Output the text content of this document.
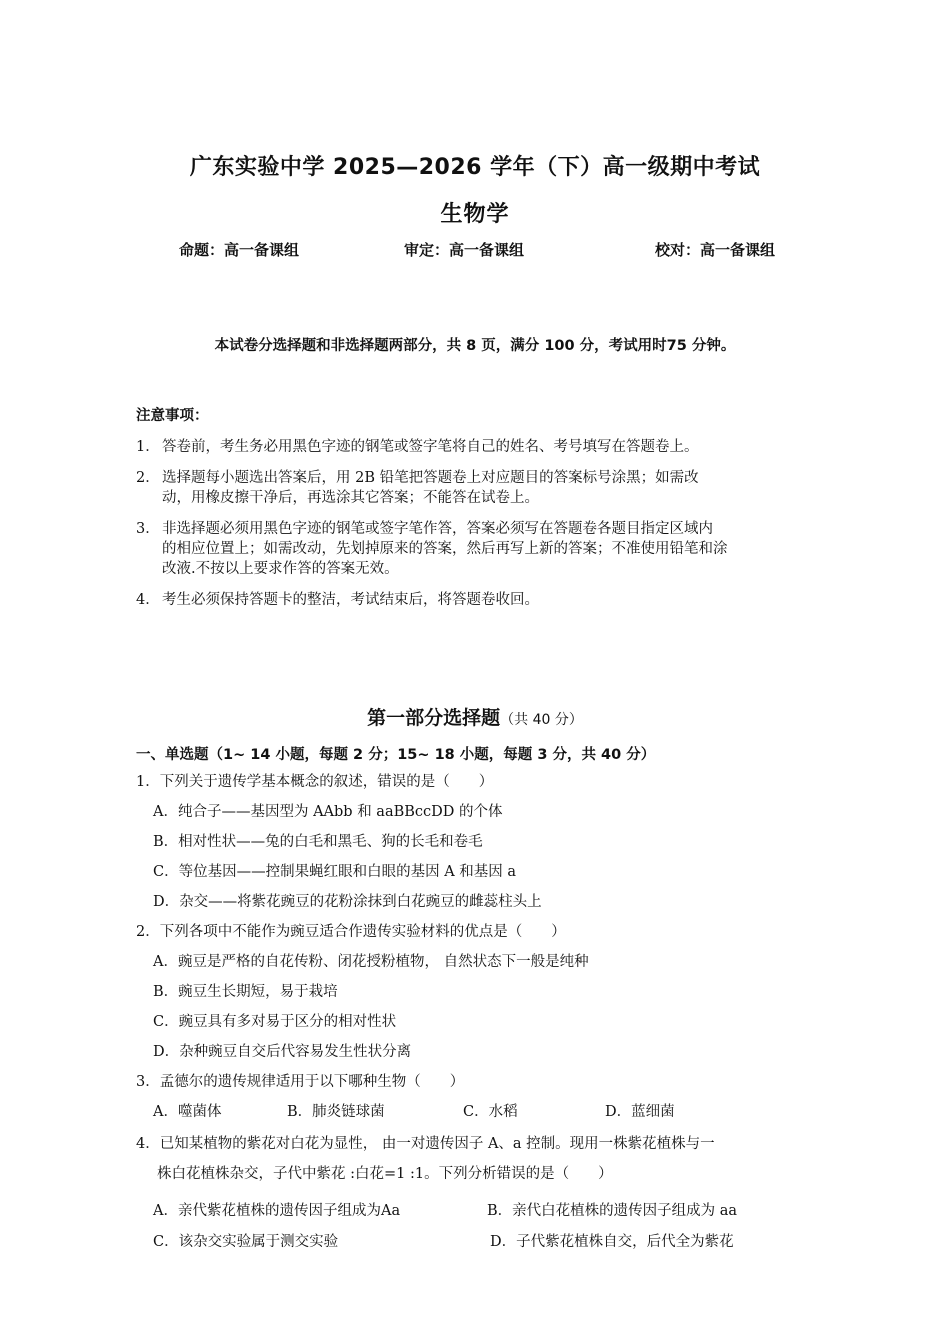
广东实验中学 2025—2026 学年（下）高一级期中考试
生物学
命题：高一备课组	审定：高一备课组	校对：高一备课组
本试卷分选择题和非选择题两部分，共 8 页，满分 100 分，考试用时75 分钟。
注意事项：
1． 答卷前，考生务必用黑色字迹的钢笔或签字笔将自己的姓名、考号填写在答题卷上。
2． 选择题每小题选出答案后，用 2B 铅笔把答题卷上对应题目的答案标号涂黑；如需改
动，用橡皮擦干净后，再选涂其它答案；不能答在试卷上。
3． 非选择题必须用黑色字迹的钢笔或签字笔作答，答案必须写在答题卷各题目指定区域内
的相应位置上；如需改动，先划掉原来的答案，然后再写上新的答案；不准使用铅笔和涂
改液.不按以上要求作答的答案无效。
4． 考生必须保持答题卡的整洁，考试结束后，将答题卷收回。
第一部分选择题（共 40 分）
一、单选题（1~ 14 小题，每题 2 分；15~ 18 小题，每题 3 分，共 40 分）
1．下列关于遗传学基本概念的叙述，错误的是（　　）
A．纯合子——基因型为 AAbb 和 aaBBccDD 的个体
B．相对性状——兔的白毛和黑毛、狗的长毛和卷毛
C．等位基因——控制果蝇红眼和白眼的基因 A 和基因 a
D．杂交——将紫花豌豆的花粉涂抹到白花豌豆的雌蕊柱头上
2．下列各项中不能作为豌豆适合作遗传实验材料的优点是（　　）
A．豌豆是严格的自花传粉、闭花授粉植物， 自然状态下一般是纯种
B．豌豆生长期短，易于栽培
C．豌豆具有多对易于区分的相对性状
D．杂种豌豆自交后代容易发生性状分离
3．孟德尔的遗传规律适用于以下哪种生物（　　）
A．噬菌体	B．肺炎链球菌	C．水稻	D．蓝细菌
4．已知某植物的紫花对白花为显性， 由一对遗传因子 A、a 控制。现用一株紫花植株与一
株白花植株杂交，子代中紫花 :白花=1 :1。下列分析错误的是（　　）
A．亲代紫花植株的遗传因子组成为Aa	B．亲代白花植株的遗传因子组成为 aa
C．该杂交实验属于测交实验	D．子代紫花植株自交，后代全为紫花
